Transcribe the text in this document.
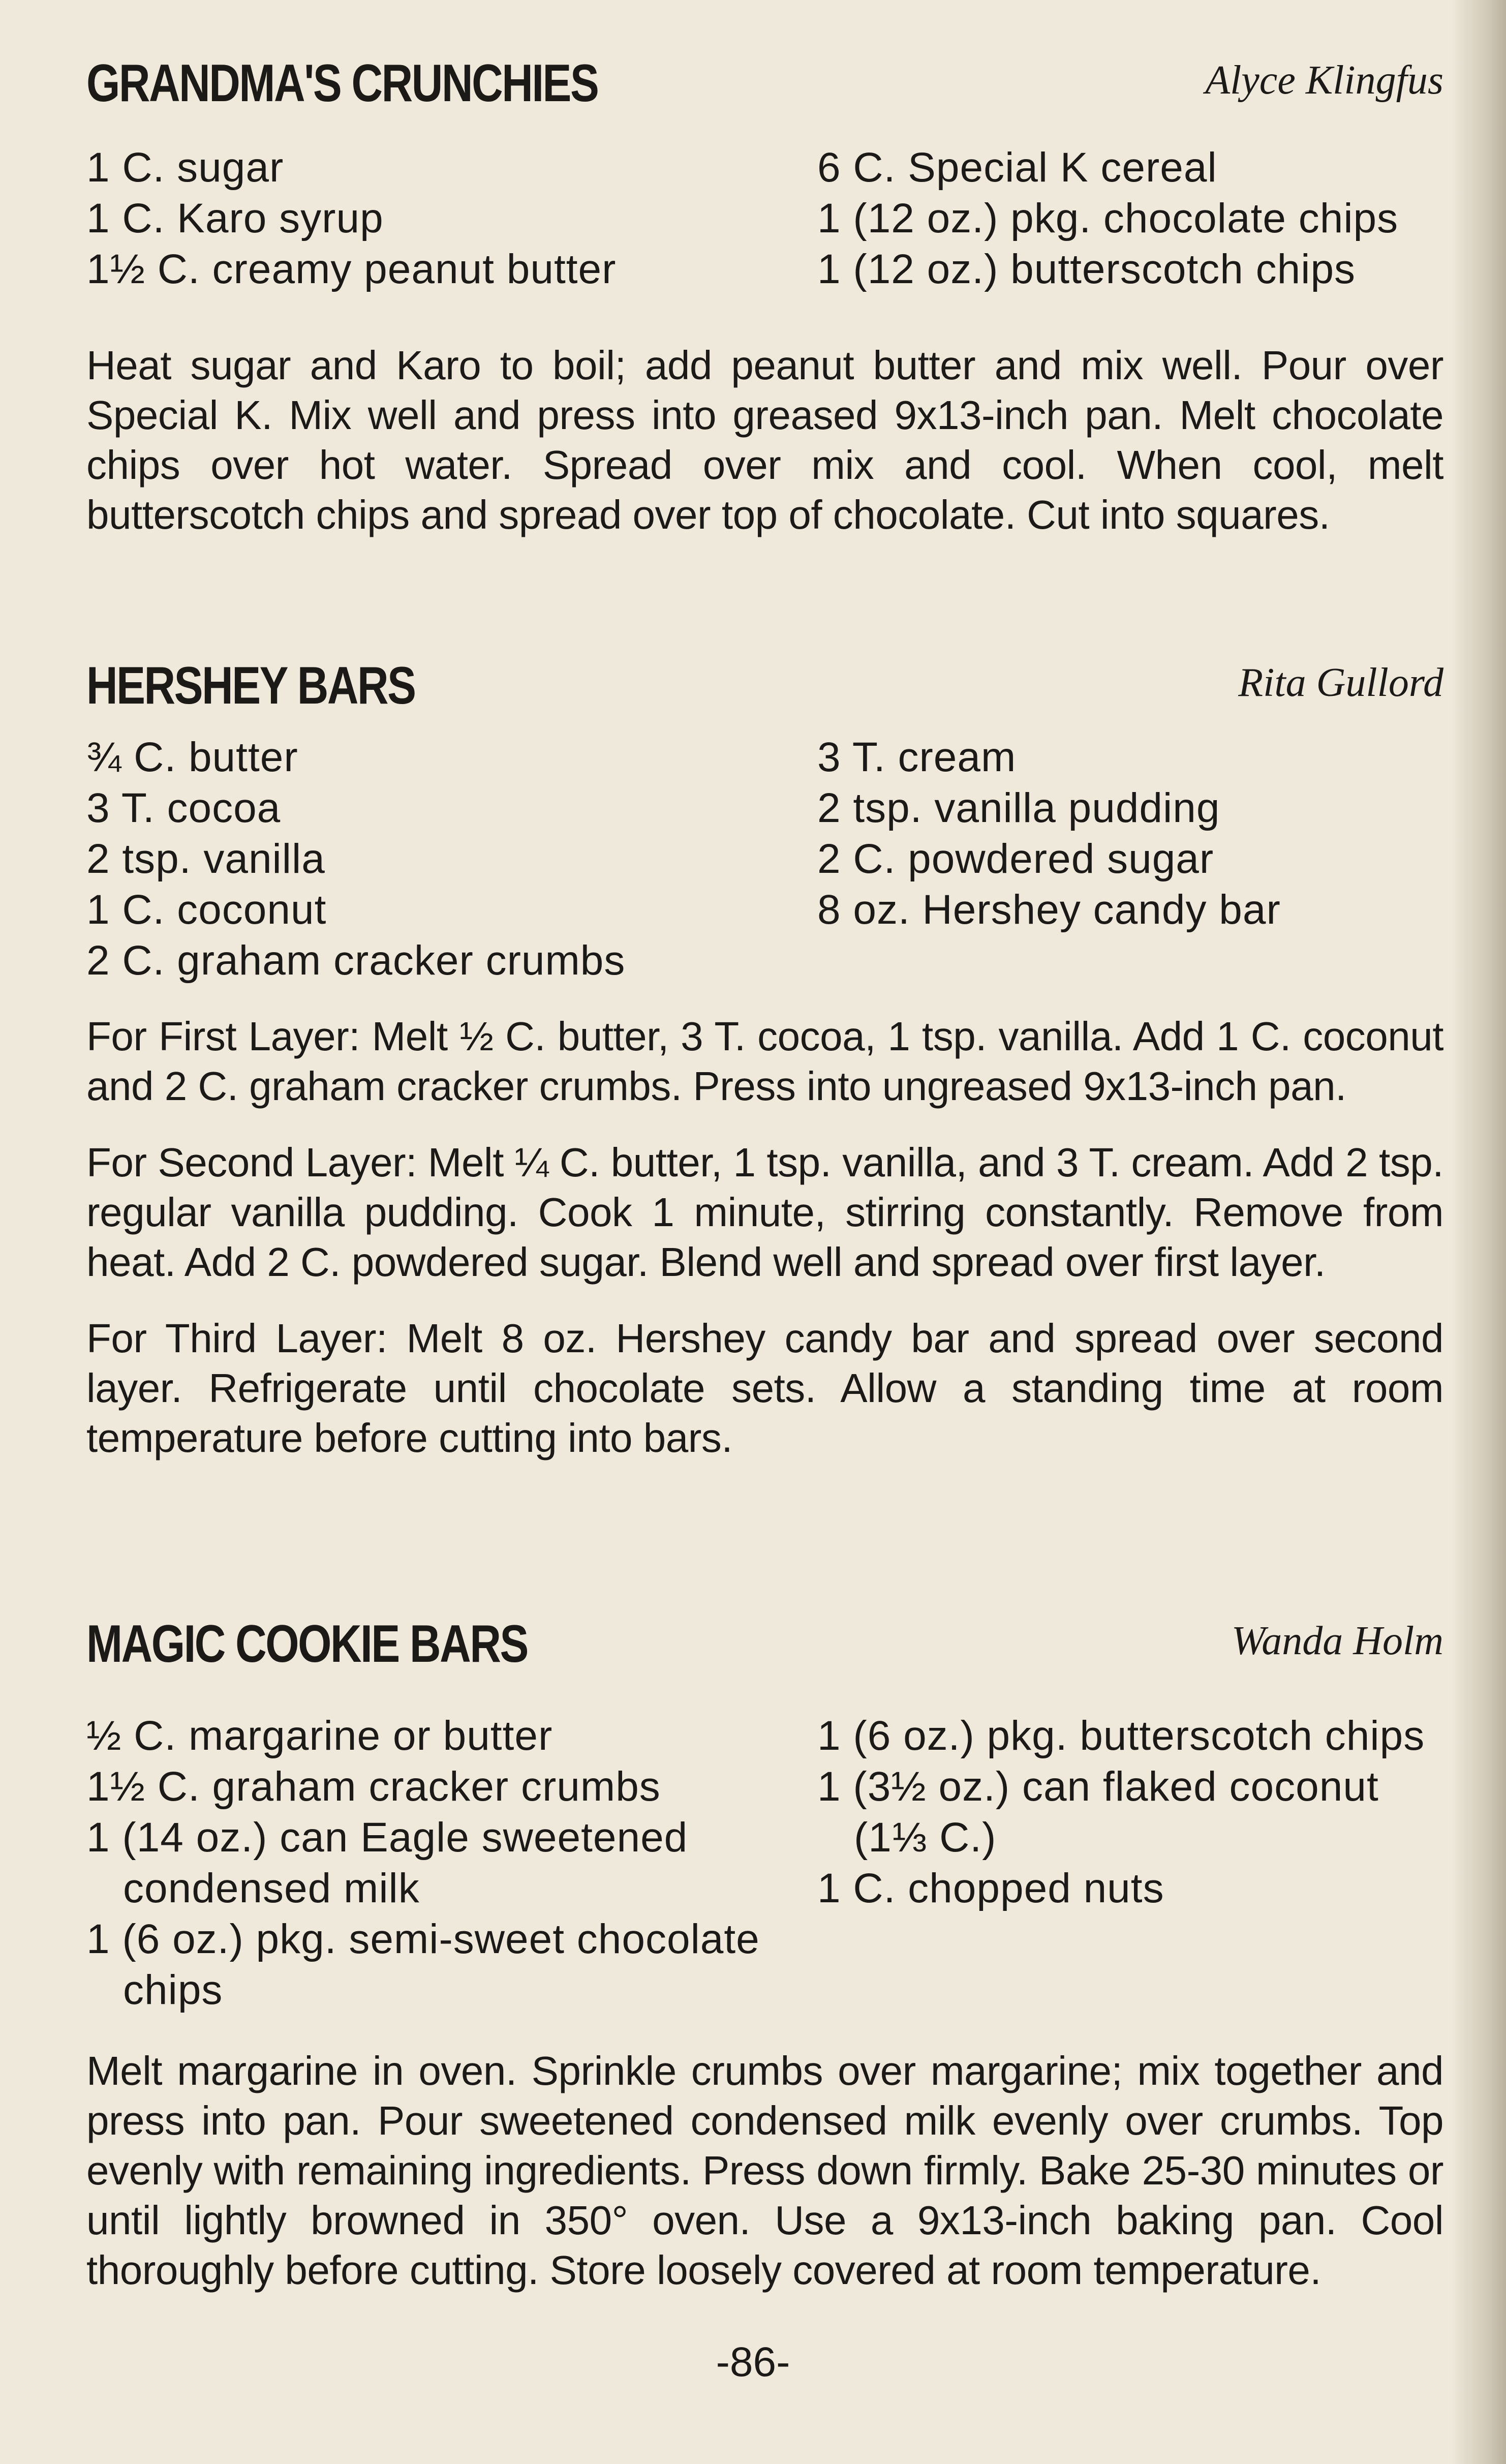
GRANDMA'S CRUNCHIES	Alyce Klingfus
1 C. sugar
1 C. Karo syrup
1½ C. creamy peanut butter
6 C. Special K cereal
1 (12 oz.) pkg. chocolate chips
1 (12 oz.) butterscotch chips

Heat sugar and Karo to boil; add peanut butter and mix well. Pour over Special K. Mix well and press into greased 9x13-inch pan. Melt chocolate chips over hot water. Spread over mix and cool. When cool, melt butterscotch chips and spread over top of chocolate. Cut into squares.

HERSHEY BARS	Rita Gullord
¾ C. butter
3 T. cocoa
2 tsp. vanilla
1 C. coconut
2 C. graham cracker crumbs
3 T. cream
2 tsp. vanilla pudding
2 C. powdered sugar
8 oz. Hershey candy bar

For First Layer: Melt ½ C. butter, 3 T. cocoa, 1 tsp. vanilla. Add 1 C. coconut and 2 C. graham cracker crumbs. Press into ungreased 9x13-inch pan.

For Second Layer: Melt ¼ C. butter, 1 tsp. vanilla, and 3 T. cream. Add 2 tsp. regular vanilla pudding. Cook 1 minute, stirring constantly. Remove from heat. Add 2 C. powdered sugar. Blend well and spread over first layer.

For Third Layer: Melt 8 oz. Hershey candy bar and spread over second layer. Refrigerate until chocolate sets. Allow a standing time at room temperature before cutting into bars.

MAGIC COOKIE BARS	Wanda Holm
½ C. margarine or butter
1½ C. graham cracker crumbs
1 (14 oz.) can Eagle sweetened
condensed milk
1 (6 oz.) pkg. semi-sweet chocolate
chips
1 (6 oz.) pkg. butterscotch chips
1 (3½ oz.) can flaked coconut
(1⅓ C.)
1 C. chopped nuts

Melt margarine in oven. Sprinkle crumbs over margarine; mix together and press into pan. Pour sweetened condensed milk evenly over crumbs. Top evenly with remaining ingredients. Press down firmly. Bake 25-30 minutes or until lightly browned in 350° oven. Use a 9x13-inch baking pan. Cool thoroughly before cutting. Store loosely covered at room temperature.

-86-
